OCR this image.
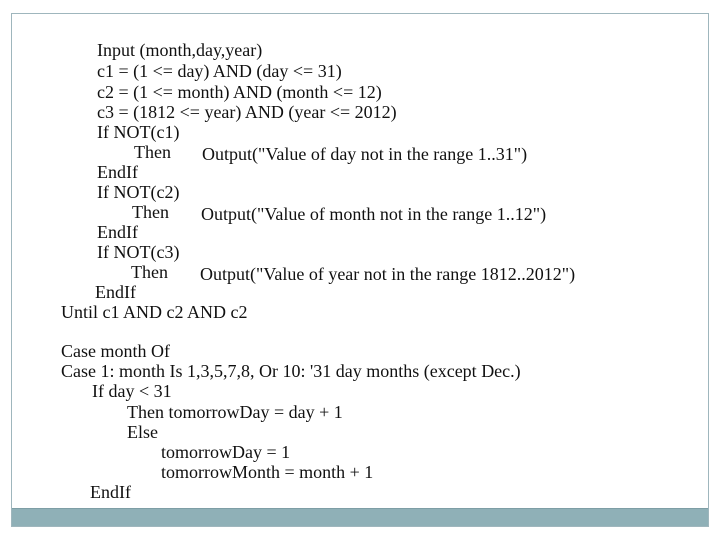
Input (month,day,year)

c1 = (1 <= day) AND (day <= 31)

c2 = (1 <= month) AND (month <= 12)

c3 = (1812 <= year) AND (year <= 2012)

If NOT(c1)

Then

Output("Value of day not in the range 1..31")

EndIf

If NOT(c2)

Then

Output("Value of month not in the range 1..12")

EndIf

If NOT(c3)

Then

Output("Value of year not in the range 1812..2012")

EndIf

Until c1 AND c2 AND c2

Case month Of

Case 1: month Is 1,3,5,7,8, Or 10: '31 day months (except Dec.)

If day < 31

Then tomorrowDay = day + 1

Else

tomorrowDay = 1

tomorrowMonth = month + 1

EndIf
